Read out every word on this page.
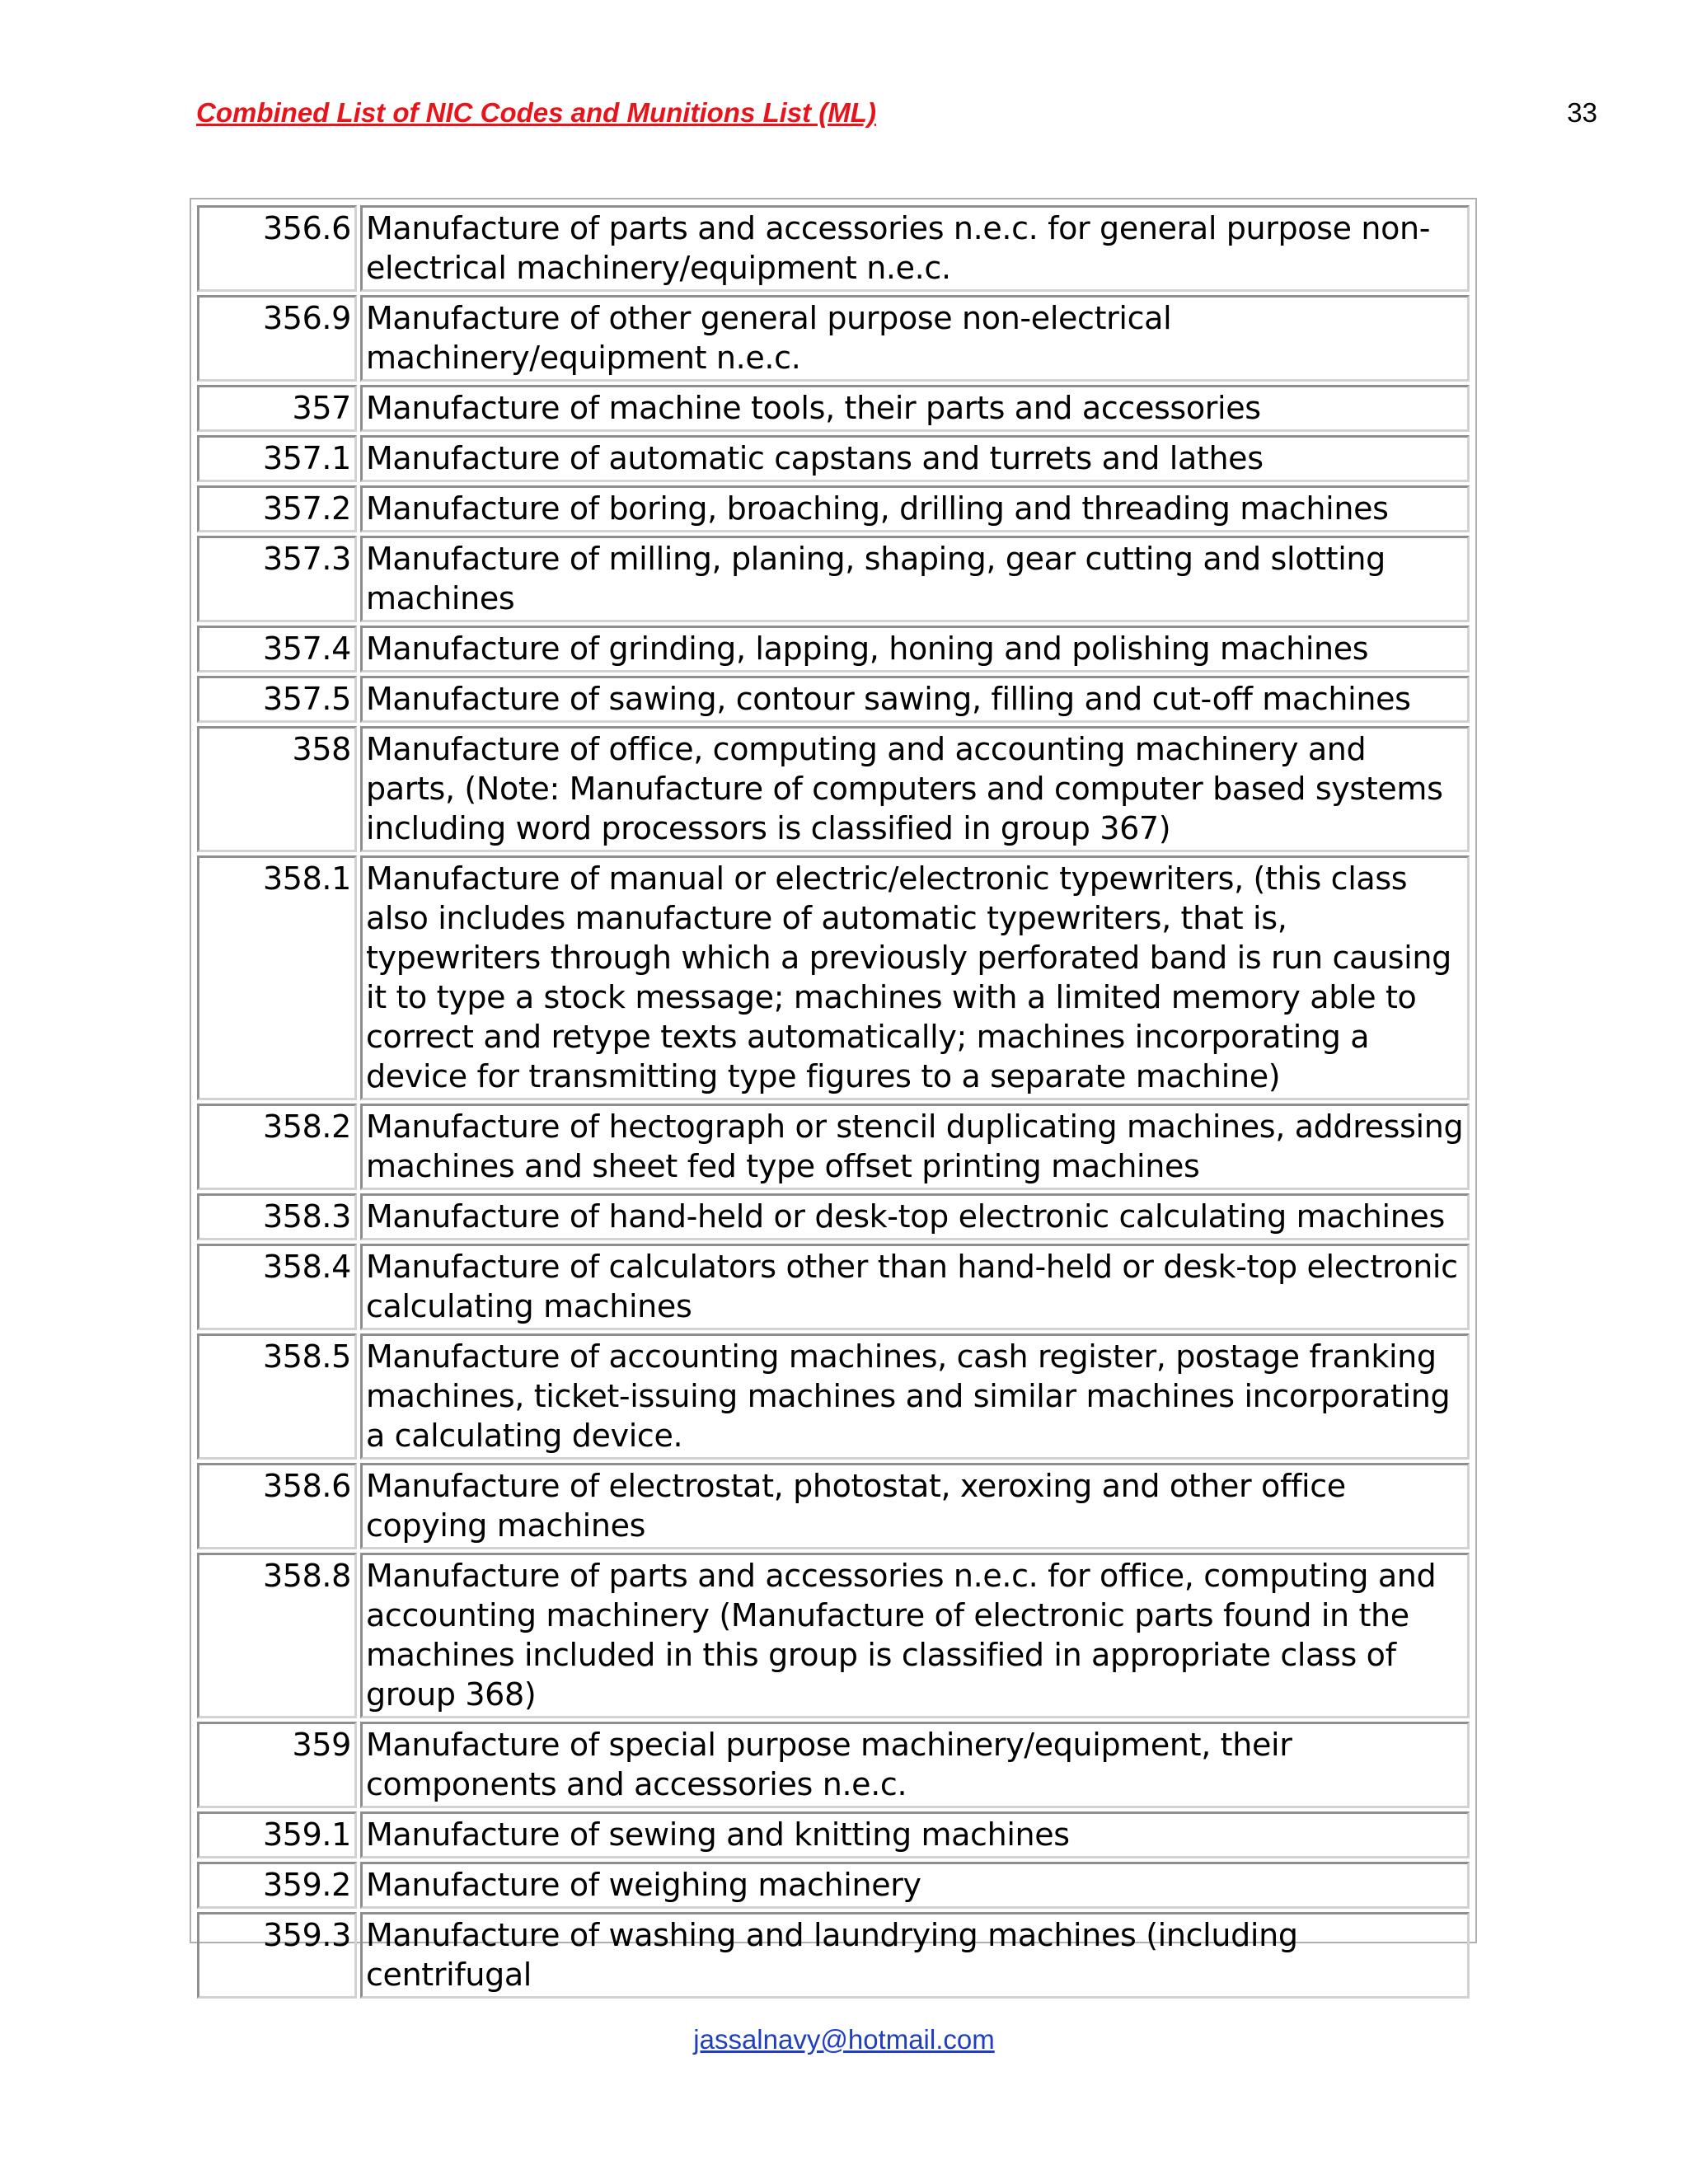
Combined List of NIC Codes and Munitions List (ML)	33
356.6	Manufacture of parts and accessories n.e.c. for general purpose non-electrical machinery/equipment n.e.c.
356.9	Manufacture of other general purpose non-electrical machinery/equipment n.e.c.
357	Manufacture of machine tools, their parts and accessories
357.1	Manufacture of automatic capstans and turrets and lathes
357.2	Manufacture of boring, broaching, drilling and threading machines
357.3	Manufacture of milling, planing, shaping, gear cutting and slotting machines
357.4	Manufacture of grinding, lapping, honing and polishing machines
357.5	Manufacture of sawing, contour sawing, filling and cut-off machines
358	Manufacture of office, computing and accounting machinery and parts, (Note: Manufacture of computers and computer based systems including word processors is classified in group 367)
358.1	Manufacture of manual or electric/electronic typewriters, (this class also includes manufacture of automatic typewriters, that is, typewriters through which a previously perforated band is run causing it to type a stock message; machines with a limited memory able to correct and retype texts automatically; machines incorporating a device for transmitting type figures to a separate machine)
358.2	Manufacture of hectograph or stencil duplicating machines, addressing machines and sheet fed type offset printing machines
358.3	Manufacture of hand-held or desk-top electronic calculating machines
358.4	Manufacture of calculators other than hand-held or desk-top electronic calculating machines
358.5	Manufacture of accounting machines, cash register, postage franking machines, ticket-issuing machines and similar machines incorporating a calculating device.
358.6	Manufacture of electrostat, photostat, xeroxing and other office copying machines
358.8	Manufacture of parts and accessories n.e.c. for office, computing and accounting machinery (Manufacture of electronic parts found in the machines included in this group is classified in appropriate class of group 368)
359	Manufacture of special purpose machinery/equipment, their components and accessories n.e.c.
359.1	Manufacture of sewing and knitting machines
359.2	Manufacture of weighing machinery
359.3	Manufacture of washing and laundrying machines (including centrifugal
jassalnavy@hotmail.com
